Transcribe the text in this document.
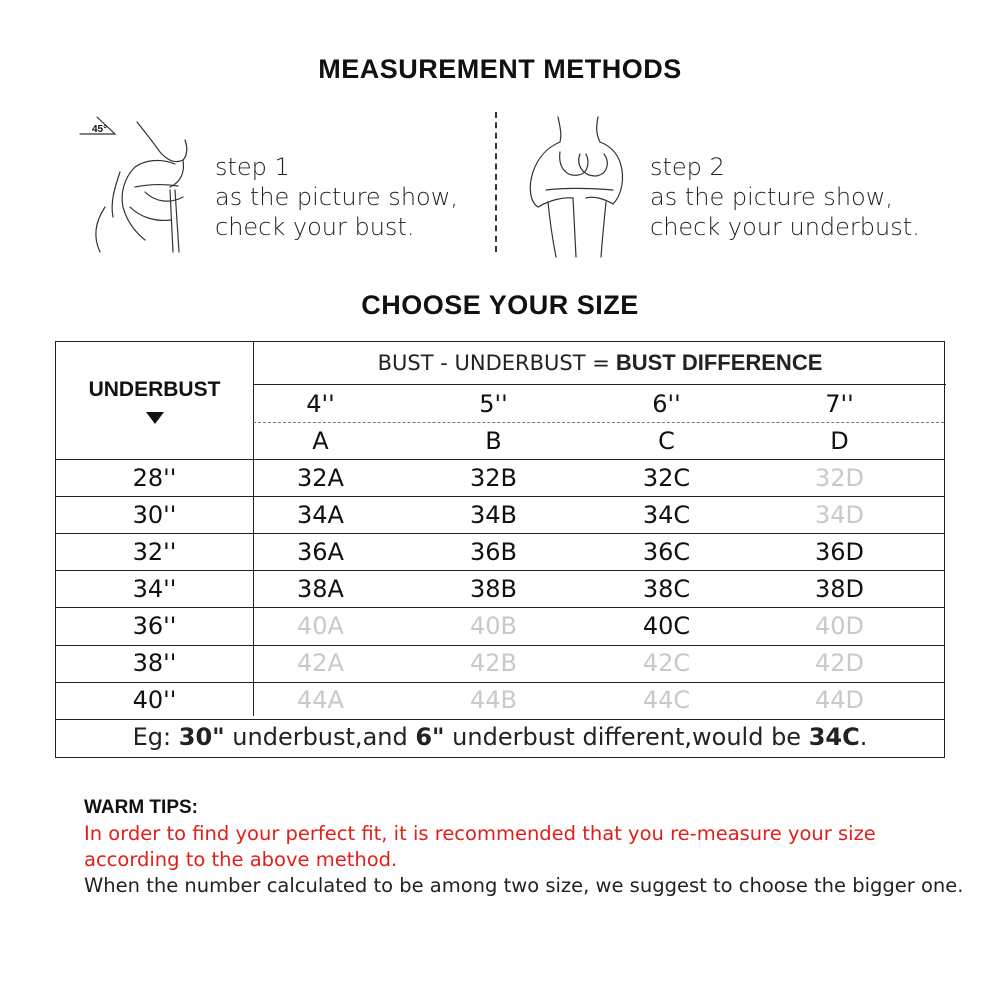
MEASUREMENT METHODS
45°
step 1
as the picture show,
check your bust.
step 2
as the picture show,
check your underbust.
CHOOSE YOUR SIZE
UNDERBUST
BUST - UNDERBUST = BUST DIFFERENCE
4''	5''	6''	7''
A	B	C	D
28''	32A	32B	32C	32D
30''	34A	34B	34C	34D
32''	36A	36B	36C	36D
34''	38A	38B	38C	38D
36''	40A	40B	40C	40D
38''	42A	42B	42C	42D
40''	44A	44B	44C	44D
Eg: 30" underbust,and 6" underbust different,would be 34C .
WARM TIPS:
In order to find your perfect fit, it is recommended that you re-measure your size according to the above method.
When the number calculated to be among two size, we suggest to choose the bigger one.
